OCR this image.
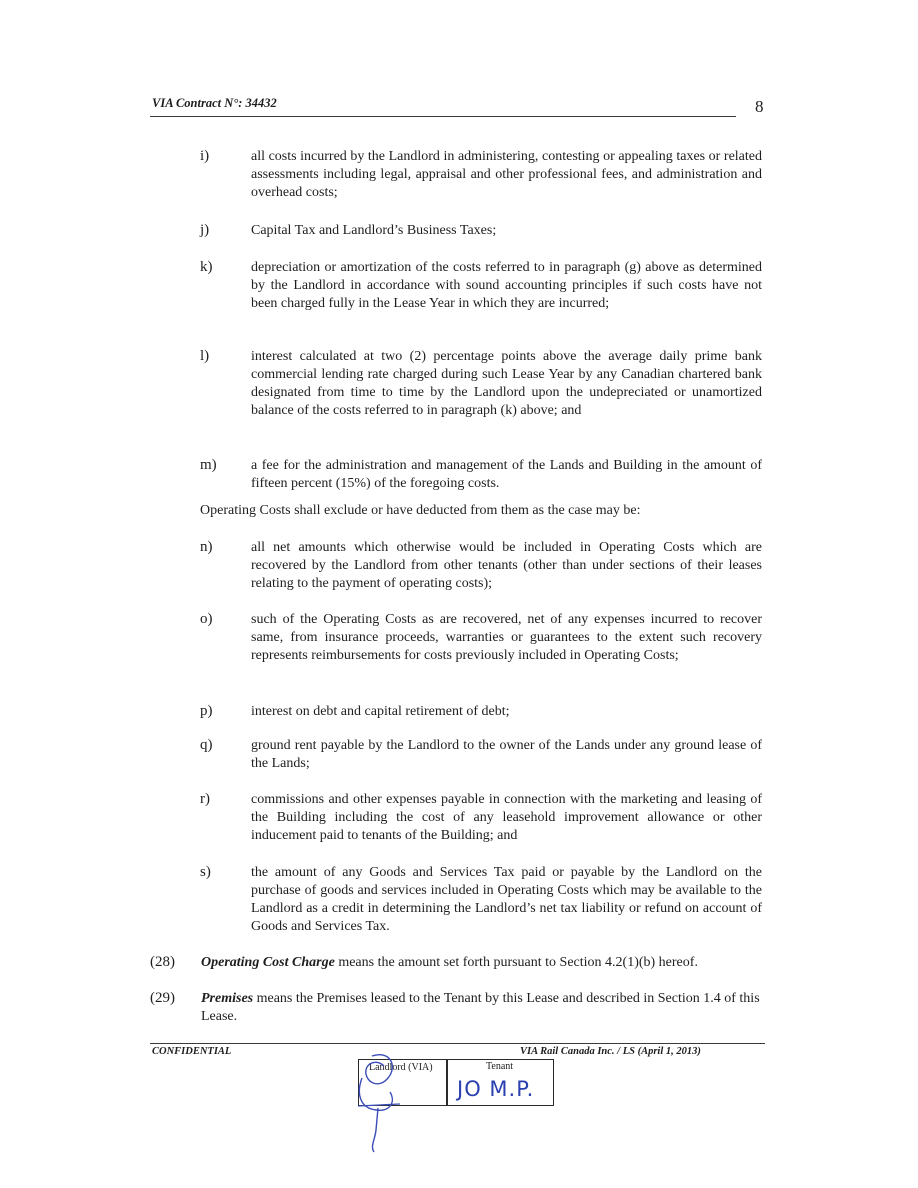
VIA Contract N°: 34432	8
i)	all costs incurred by the Landlord in administering, contesting or appealing taxes or related assessments including legal, appraisal and other professional fees, and administration and overhead costs;
j)	Capital Tax and Landlord’s Business Taxes;
k)	depreciation or amortization of the costs referred to in paragraph (g) above as determined by the Landlord in accordance with sound accounting principles if such costs have not been charged fully in the Lease Year in which they are incurred;
l)	interest calculated at two (2) percentage points above the average daily prime bank commercial lending rate charged during such Lease Year by any Canadian chartered bank designated from time to time by the Landlord upon the undepreciated or unamortized balance of the costs referred to in paragraph (k) above; and
m) a fee for the administration and management of the Lands and Building in the amount of fifteen percent (15%) of the foregoing costs.
Operating Costs shall exclude or have deducted from them as the case may be:
n)	all net amounts which otherwise would be included in Operating Costs which are recovered by the Landlord from other tenants (other than under sections of their leases relating to the payment of operating costs);
o)	such of the Operating Costs as are recovered, net of any expenses incurred to recover same, from insurance proceeds, warranties or guarantees to the extent such recovery represents reimbursements for costs previously included in Operating Costs;
p)	interest on debt and capital retirement of debt;
q)	ground rent payable by the Landlord to the owner of the Lands under any ground lease of the Lands;
r)	commissions and other expenses payable in connection with the marketing and leasing of the Building including the cost of any leasehold improvement allowance or other inducement paid to tenants of the Building; and
s)	the amount of any Goods and Services Tax paid or payable by the Landlord on the purchase of goods and services included in Operating Costs which may be available to the Landlord as a credit in determining the Landlord’s net tax liability or refund on account of Goods and Services Tax.
(28) Operating Cost Charge means the amount set forth pursuant to Section 4.2(1)(b) hereof.
(29) Premises means the Premises leased to the Tenant by this Lease and described in Section 1.4 of this Lease.
CONFIDENTIAL	VIA Rail Canada Inc. / LS (April 1, 2013)
Landlord (VIA)	Tenant
JO M.P.
